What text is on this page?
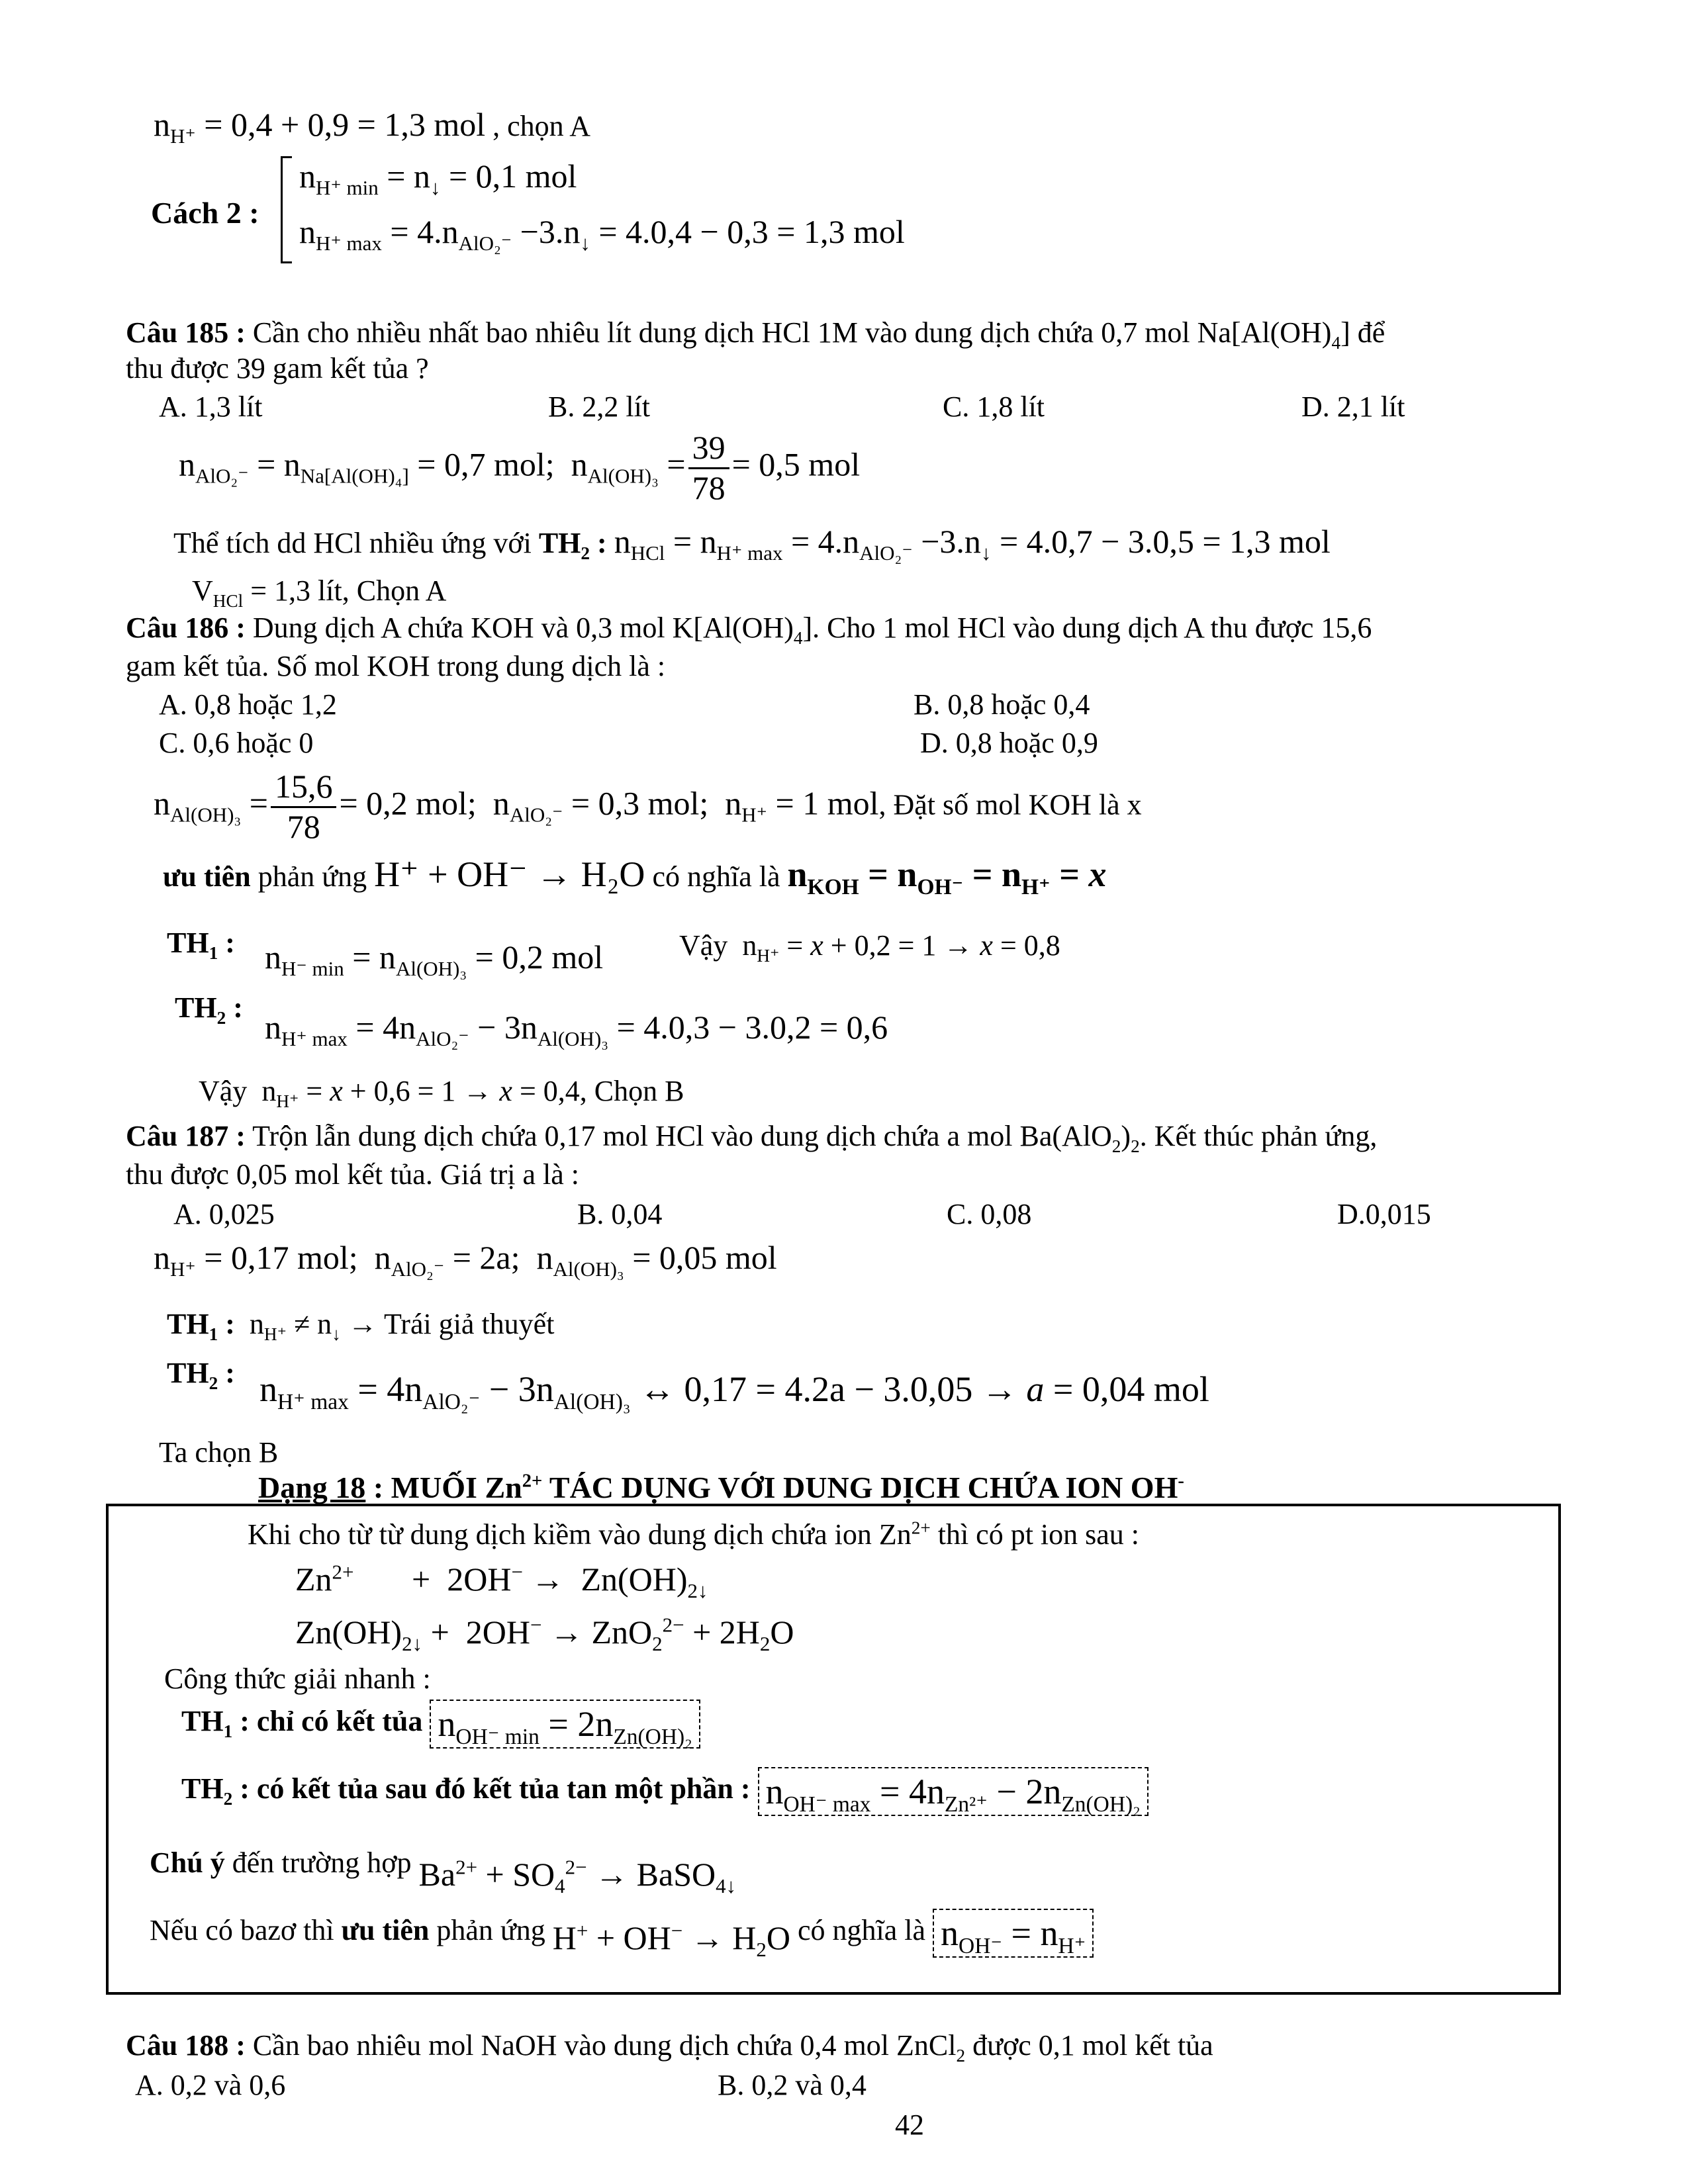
$n_{H^+} = 0,4 + 0,9 = 1,3$ mol , chọn A
Cách 2 :
$n_{H^+ min} = n_↓ = 0,1$ mol
$n_{H^+ max} = 4.n_{AlO_2^-} -3.n_↓ = 4.0,4 - 0,3 = 1,3$ mol
Câu 185 : Cần cho nhiều nhất bao nhiêu lít dung dịch HCl 1M vào dung dịch chứa 0,7 mol $Na[Al(OH)_4]$ để
thu được 39 gam kết tủa ?
A. 1,3 lít	B. 2,2 lít	C. 1,8 lít	D. 2,1 lít
$n_{AlO_2^-} = n_{Na[Al(OH)_4]} = 0,7$ mol;  $n_{Al(OH)_3} = \frac{39}{78} = 0,5$ mol
Thể tích dd HCl nhiều ứng với $TH_2$ : $n_{HCl} = n_{H^+ max} = 4.n_{AlO_2^-} -3.n_↓ = 4.0,7 - 3.0,5 = 1,3$ mol
$V_{HCl} = 1,3$ lít, Chọn A
Câu 186 : Dung dịch A chứa KOH và 0,3 mol $K[Al(OH)_4]$. Cho 1 mol HCl vào dung dịch A thu được 15,6
gam kết tủa. Số mol KOH trong dung dịch là :
A. 0,8 hoặc 1,2	B. 0,8 hoặc 0,4
C. 0,6 hoặc 0	D. 0,8 hoặc 0,9
$n_{Al(OH)_3} = \frac{15,6}{78} = 0,2$ mol;  $n_{AlO_2^-} = 0,3$ mol;  $n_{H^+} = 1$ mol, Đặt số mol KOH là x
ưu tiên phản ứng H⁺ + OH⁻ → H₂O có nghĩa là $n_{KOH} = n_{OH^-} = n_{H^+} = x$
$TH_1$ : $n_{H^- min} = n_{Al(OH)_3} = 0,2$ mol	Vậy  $n_{H^+} = x + 0,2 = 1 \to x = 0,8$
$TH_2$ :
$n_{H^+ max} = 4n_{AlO_2^-} - 3n_{Al(OH)_3} = 4.0,3 - 3.0,2 = 0,6$
Vậy  $n_{H^+} = x + 0,6 = 1 \to x = 0,4$, Chọn B
Câu 187 : Trộn lẫn dung dịch chứa 0,17 mol HCl vào dung dịch chứa a mol $Ba(AlO_2)_2$. Kết thúc phản ứng,
thu được 0,05 mol kết tủa. Giá trị a là :
A. 0,025	B. 0,04	C. 0,08	D.0,015
$n_{H^+} = 0,17$ mol;  $n_{AlO_2^-} = 2a$;  $n_{Al(OH)_3} = 0,05$ mol
$TH_1$ :  $n_{H^+} \ne n_↓$ → Trái giả thuyết
$TH_2$ : $n_{H^+ max} = 4n_{AlO_2^-} - 3n_{Al(OH)_3}$ ↔ 0,17 = 4.2a − 3.0,05 → a = 0,04 mol
Ta chọn B
Dạng 18 : MUỐI $Zn^{2+}$ TÁC DỤNG VỚI DUNG DỊCH CHỨA ION OH-
Khi cho từ từ dung dịch kiềm vào dung dịch chứa ion $Zn^{2+}$ thì có pt ion sau :
$Zn^{2+}$       +  $2OH^- \to Zn(OH)_{2↓}$
$Zn(OH)_{2↓} + 2OH^- \to ZnO_2^{2-} + 2H_2O$
Công thức giải nhanh :
$TH_1$ : chỉ có kết tủa $n_{OH^- min} = 2n_{Zn(OH)_2}$
$TH_2$ : có kết tủa sau đó kết tủa tan một phần : $n_{OH^- max} = 4n_{Zn^{2+}} - 2n_{Zn(OH)_2}$
Chú ý đến trường hợp $Ba^{2+} + SO_4^{2-}$ → BaSO$_{4↓}$
Nếu có bazơ thì ưu tiên phản ứng $H^+ + OH^- \to H_2O$ có nghĩa là $n_{OH^-} = n_{H^+}$
Câu 188 : Cần bao nhiêu mol NaOH vào dung dịch chứa 0,4 mol ZnCl$_2$ được 0,1 mol kết tủa
A. 0,2 và 0,6	B. 0,2 và 0,4
42
